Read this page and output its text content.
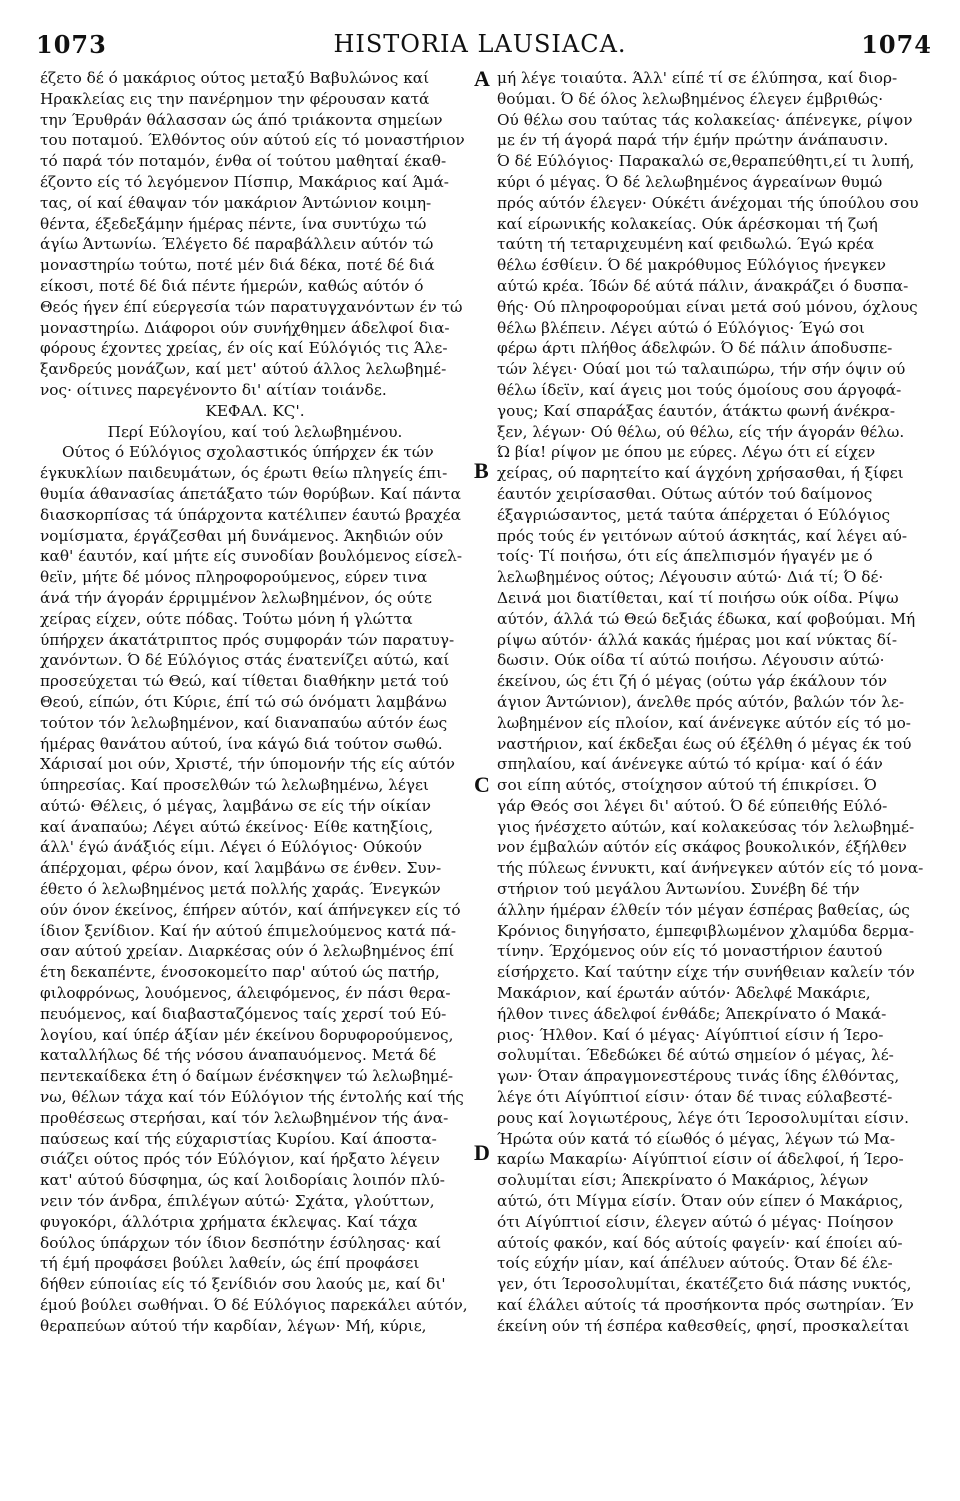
1073	HISTORIA LAUSIACA.	1074
A
B
C
D
έζετο δέ ό μακάριος ούτος μεταξύ Βαβυλώνος καί
Ηρακλείας εις την πανέρημον την φέρουσαν κατά
την Έρυθράν θάλασσαν ώς άπό τριάκοντα σημείων
του ποταμού. Έλθόντος ούν αύτού είς τό μοναστήριον
τό παρά τόν ποταμόν, ένθα οί τούτου μαθηταί έκαθ-
έζοντο είς τό λεγόμενον Πίσπιρ, Μακάριος καί Άμά-
τας, οί καί έθαψαν τόν μακάριον Άντώνιον κοιμη-
θέντα, έξεδεξάμην ήμέρας πέντε, ίνα συντύχω τώ
άγίω Άντωνίω. Έλέγετο δέ παραβάλλειν αύτόν τώ
μοναστηρίω τούτω, ποτέ μέν διά δέκα, ποτέ δέ διά
είκοσι, ποτέ δέ διά πέντε ήμερών, καθώς αύτόν ό
Θεός ήγεν έπί εύεργεσία τών παρατυγχανόντων έν τώ
μοναστηρίω. Διάφοροι ούν συνήχθημεν άδελφοί δια-
φόρους έχοντες χρείας, έν οίς καί Εύλόγιός τις Άλε-
ξανδρεύς μονάζων, καί μετ' αύτού άλλος λελωβημέ-
νος· οίτινες παρεγένοντο δι' αίτίαν τοιάνδε.
ΚΕΦΑΛ. ΚϚ'.
Περί Εύλογίου, καί τού λελωβημένου.
Ούτος ό Εύλόγιος σχολαστικός ύπήρχεν έκ τών
έγκυκλίων παιδευμάτων, ός έρωτι θείω πληγείς έπι-
θυμία άθανασίας άπετάξατο τών θορύβων. Καί πάντα
διασκορπίσας τά ύπάρχοντα κατέλιπεν έαυτώ βραχέα
νομίσματα, έργάζεσθαι μή δυνάμενος. Άκηδιών ούν
καθ' έαυτόν, καί μήτε είς συνοδίαν βουλόμενος είσελ-
θεϊν, μήτε δέ μόνος πληροφορούμενος, εύρεν τινα
άνά τήν άγοράν έρριμμένον λελωβημένον, ός ούτε
χείρας είχεν, ούτε πόδας. Τούτω μόνη ή γλώττα
ύπήρχεν άκατάτριπτος πρός συμφοράν τών παρατυγ-
χανόντων. Ό δέ Εύλόγιος στάς ένατενίζει αύτώ, καί
προσεύχεται τώ Θεώ, καί τίθεται διαθήκην μετά τού
Θεού, είπών, ότι Κύριε, έπί τώ σώ όνόματι λαμβάνω
τούτον τόν λελωβημένον, καί διαναπαύω αύτόν έως
ήμέρας θανάτου αύτού, ίνα κάγώ διά τούτον σωθώ.
Χάρισαί μοι ούν, Χριστέ, τήν ύπομονήν τής είς αύτόν
ύπηρεσίας. Καί προσελθών τώ λελωβημένω, λέγει
αύτώ· Θέλεις, ό μέγας, λαμβάνω σε είς τήν οίκίαν
καί άναπαύω; Λέγει αύτώ έκείνος· Είθε κατηξίοις,
άλλ' έγώ άνάξιός είμι. Λέγει ό Εύλόγιος· Ούκούν
άπέρχομαι, φέρω όνον, καί λαμβάνω σε ένθεν. Συν-
έθετο ό λελωβημένος μετά πολλής χαράς. Ένεγκών
ούν όνον έκείνος, έπήρεν αύτόν, καί άπήνεγκεν είς τό
ίδιον ξενίδιον. Καί ήν αύτού έπιμελούμενος κατά πά-
σαν αύτού χρείαν. Διαρκέσας ούν ό λελωβημένος έπί
έτη δεκαπέντε, ένοσοκομείτο παρ' αύτού ώς πατήρ,
φιλοφρόνως, λουόμενος, άλειφόμενος, έν πάσι θερα-
πευόμενος, καί διαβασταζόμενος ταίς χερσί τού Εύ-
λογίου, καί ύπέρ άξίαν μέν έκείνου δορυφορούμενος,
καταλλήλως δέ τής νόσου άναπαυόμενος. Μετά δέ
πεντεκαίδεκα έτη ό δαίμων ένέσκηψεν τώ λελωβημέ-
νω, θέλων τάχα καί τόν Εύλόγιον τής έντολής καί τής
προθέσεως στερήσαι, καί τόν λελωβημένον τής άνα-
παύσεως καί τής εύχαριστίας Κυρίου. Καί άποστα-
σιάζει ούτος πρός τόν Εύλόγιον, καί ήρξατο λέγειν
κατ' αύτού δύσφημα, ώς καί λοιδορίαις λοιπόν πλύ-
νειν τόν άνδρα, έπιλέγων αύτώ· Σχάτα, γλούττων,
φυγοκόρι, άλλότρια χρήματα έκλεψας. Καί τάχα
δούλος ύπάρχων τόν ίδιον δεσπότην έσύλησας· καί
τή έμή προφάσει βούλει λαθείν, ώς έπί προφάσει
δήθεν εύποιίας είς τό ξενίδιόν σου λαούς με, καί δι'
έμού βούλει σωθήναι. Ό δέ Εύλόγιος παρεκάλει αύτόν,
θεραπεύων αύτού τήν καρδίαν, λέγων· Μή, κύριε,
μή λέγε τοιαύτα. Άλλ' είπέ τί σε έλύπησα, καί διορ-
θούμαι. Ό δέ όλος λελωβημένος έλεγεν έμβριθώς·
Ού θέλω σου ταύτας τάς κολακείας· άπένεγκε, ρίψον
με έν τή άγορά παρά τήν έμήν πρώτην άνάπαυσιν.
Ό δέ Εύλόγιος· Παρακαλώ σε,θεραπεύθητι,εί τι λυπή,
κύρι ό μέγας. Ό δέ λελωβημένος άγρεαίνων θυμώ
πρός αύτόν έλεγεν· Ούκέτι άνέχομαι τής ύπούλου σου
καί είρωνικής κολακείας. Ούκ άρέσκομαι τή ζωή
ταύτη τή τεταριχευμένη καί φειδωλώ. Έγώ κρέα
θέλω έσθίειν. Ό δέ μακρόθυμος Εύλόγιος ήνεγκεν
αύτώ κρέα. Ίδών δέ αύτά πάλιν, άνακράζει ό δυσπα-
θής· Ού πληροφορούμαι είναι μετά σού μόνου, όχλους
θέλω βλέπειν. Λέγει αύτώ ό Εύλόγιος· Έγώ σοι
φέρω άρτι πλήθος άδελφών. Ό δέ πάλιν άποδυσπε-
τών λέγει· Ούαί μοι τώ ταλαιπώρω, τήν σήν όψιν ού
θέλω ίδεϊν, καί άγεις μοι τούς όμοίους σου άργοφά-
γους; Καί σπαράξας έαυτόν, άτάκτω φωνή άνέκρα-
ξεν, λέγων· Ού θέλω, ού θέλω, είς τήν άγοράν θέλω.
Ώ βία! ρίψον με όπου με εύρες. Λέγω ότι εί είχεν
χείρας, ού παρητείτο καί άγχόνη χρήσασθαι, ή ξίφει
έαυτόν χειρίσασθαι. Ούτως αύτόν τού δαίμονος
έξαγριώσαντος, μετά ταύτα άπέρχεται ό Εύλόγιος
πρός τούς έν γειτόνων αύτού άσκητάς, καί λέγει αύ-
τοίς· Τί ποιήσω, ότι είς άπελπισμόν ήγαγέν με ό
λελωβημένος ούτος; Λέγουσιν αύτώ· Διά τί; Ό δέ·
Δεινά μοι διατίθεται, καί τί ποιήσω ούκ οίδα. Ρίψω
αύτόν, άλλά τώ Θεώ δεξιάς έδωκα, καί φοβούμαι. Μή
ρίψω αύτόν· άλλά κακάς ήμέρας μοι καί νύκτας δί-
δωσιν. Ούκ οίδα τί αύτώ ποιήσω. Λέγουσιν αύτώ·
έκείνου, ώς έτι ζή ό μέγας (ούτω γάρ έκάλουν τόν
άγιον Άντώνιον), άνελθε πρός αύτόν, βαλών τόν λε-
λωβημένον είς πλοίον, καί άνένεγκε αύτόν είς τό μο-
ναστήριον, καί έκδεξαι έως ού έξέλθη ό μέγας έκ τού
σπηλαίου, καί άνένεγκε αύτώ τό κρίμα· καί ό έάν
σοι είπη αύτός, στοίχησον αύτού τή έπικρίσει. Ό
γάρ Θεός σοι λέγει δι' αύτού. Ό δέ εύπειθής Εύλό-
γιος ήνέσχετο αύτών, καί κολακεύσας τόν λελωβημέ-
νον έμβαλών αύτόν είς σκάφος βουκολικόν, έξήλθεν
τής πύλεως έννυκτι, καί άνήνεγκεν αύτόν είς τό μονα-
στήριον τού μεγάλου Άντωνίου. Συνέβη δέ τήν
άλλην ήμέραν έλθείν τόν μέγαν έσπέρας βαθείας, ώς
Κρόνιος διηγήσατο, έμπεφιβλωμένον χλαμύδα δερμα-
τίνην. Έρχόμενος ούν είς τό μοναστήριον έαυτού
είσήρχετο. Καί ταύτην είχε τήν συνήθειαν καλείν τόν
Μακάριον, καί έρωτάν αύτόν· Άδελφέ Μακάριε,
ήλθον τινες άδελφοί ένθάδε; Άπεκρίνατο ό Μακά-
ριος· Ήλθον. Καί ό μέγας· Αίγύπτιοί είσιν ή Ίερο-
σολυμίται. Έδεδώκει δέ αύτώ σημείον ό μέγας, λέ-
γων· Όταν άπραγμονεστέρους τινάς ίδης έλθόντας,
λέγε ότι Αίγύπτιοί είσιν· όταν δέ τινας εύλαβεστέ-
ρους καί λογιωτέρους, λέγε ότι Ίεροσολυμίται είσιν.
Ήρώτα ούν κατά τό είωθός ό μέγας, λέγων τώ Μα-
καρίω Μακαρίω· Αίγύπτιοί είσιν οί άδελφοί, ή Ίερο-
σολυμίται είσι; Άπεκρίνατο ό Μακάριος, λέγων
αύτώ, ότι Μίγμα είσίν. Όταν ούν είπεν ό Μακάριος,
ότι Αίγύπτιοί είσιν, έλεγεν αύτώ ό μέγας· Ποίησον
αύτοίς φακόν, καί δός αύτοίς φαγείν· καί έποίει αύ-
τοίς εύχήν μίαν, καί άπέλυεν αύτούς. Όταν δέ έλε-
γεν, ότι Ίεροσολυμίται, έκατέζετο διά πάσης νυκτός,
καί έλάλει αύτοίς τά προσήκοντα πρός σωτηρίαν. Έν
έκείνη ούν τή έσπέρα καθεσθείς, φησί, προσκαλείται
